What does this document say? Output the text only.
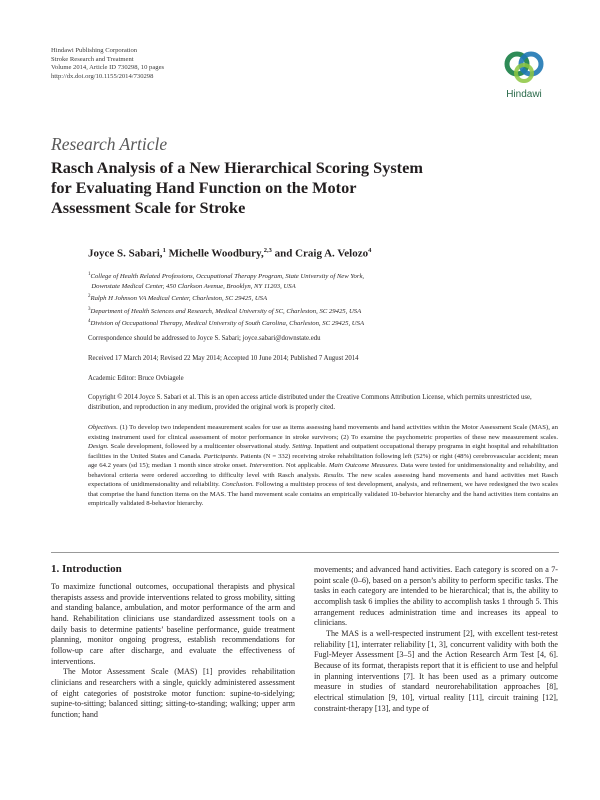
Hindawi Publishing Corporation
Stroke Research and Treatment
Volume 2014, Article ID 730298, 10 pages
http://dx.doi.org/10.1155/2014/730298
Hindawi
Research Article
Rasch Analysis of a New Hierarchical Scoring System for Evaluating Hand Function on the Motor Assessment Scale for Stroke
Joyce S. Sabari,$^1$ Michelle Woodbury,$^{2,3}$ and Craig A. Velozo$^4$
$^1$College of Health Related Professions, Occupational Therapy Program, State University of New York,
Downstate Medical Center, 450 Clarkson Avenue, Brooklyn, NY 11203, USA
$^2$Ralph H Johnson VA Medical Center, Charleston, SC 29425, USA
$^3$Department of Health Sciences and Research, Medical University of SC, Charleston, SC 29425, USA
$^4$Division of Occupational Therapy, Medical University of South Carolina, Charleston, SC 29425, USA
Correspondence should be addressed to Joyce S. Sabari; joyce.sabari@downstate.edu
Received 17 March 2014; Revised 22 May 2014; Accepted 10 June 2014; Published 7 August 2014
Academic Editor: Bruce Ovbiagele
Copyright © 2014 Joyce S. Sabari et al. This is an open access article distributed under the Creative Commons Attribution License, which permits unrestricted use, distribution, and reproduction in any medium, provided the original work is properly cited.
Objectives. (1) To develop two independent measurement scales for use as items assessing hand movements and hand activities within the Motor Assessment Scale (MAS), an existing instrument used for clinical assessment of motor performance in stroke survivors; (2) To examine the psychometric properties of these new measurement scales. Design. Scale development, followed by a multicenter observational study. Setting. Inpatient and outpatient occupational therapy programs in eight hospital and rehabilitation facilities in the United States and Canada. Participants. Patients (N = 332) receiving stroke rehabilitation following left (52%) or right (48%) cerebrovascular accident; mean age 64.2 years (sd 15); median 1 month since stroke onset. Intervention. Not applicable. Main Outcome Measures. Data were tested for unidimensionality and reliability, and behavioral criteria were ordered according to difficulty level with Rasch analysis. Results. The new scales assessing hand movements and hand activities met Rasch expectations of unidimensionality and reliability. Conclusion. Following a multistep process of test development, analysis, and refinement, we have redesigned the two scales that comprise the hand function items on the MAS. The hand movement scale contains an empirically validated 10-behavior hierarchy and the hand activities item contains an empirically validated 8-behavior hierarchy.
1. Introduction

To maximize functional outcomes, occupational therapists and physical therapists assess and provide interventions related to gross mobility, sitting and standing balance, ambulation, and motor performance of the arm and hand. Rehabilitation clinicians use standardized assessment tools on a daily basis to determine patients’ baseline performance, guide treatment planning, monitor ongoing progress, establish recommendations for follow-up care after discharge, and evaluate the effectiveness of interventions.

The Motor Assessment Scale (MAS) [1] provides rehabilitation clinicians and researchers with a single, quickly administered assessment of eight categories of poststroke motor function: supine-to-sidelying; supine-to-sitting; balanced sitting; sitting-to-standing; walking; upper arm function; hand

movements; and advanced hand activities. Each category is scored on a 7-point scale (0–6), based on a person’s ability to perform specific tasks. The tasks in each category are intended to be hierarchical; that is, the ability to accomplish task 6 implies the ability to accomplish tasks 1 through 5. This arrangement reduces administration time and increases its appeal to clinicians.

The MAS is a well-respected instrument [2], with excellent test-retest reliability [1], interrater reliability [1, 3], concurrent validity with both the Fugl-Meyer Assessment [3–5] and the Action Research Arm Test [4, 6]. Because of its format, therapists report that it is efficient to use and helpful in planning interventions [7]. It has been used as a primary outcome measure in studies of standard neurorehabilitation approaches [8], electrical stimulation [9, 10], virtual reality [11], circuit training [12], constraint-therapy [13], and type of
